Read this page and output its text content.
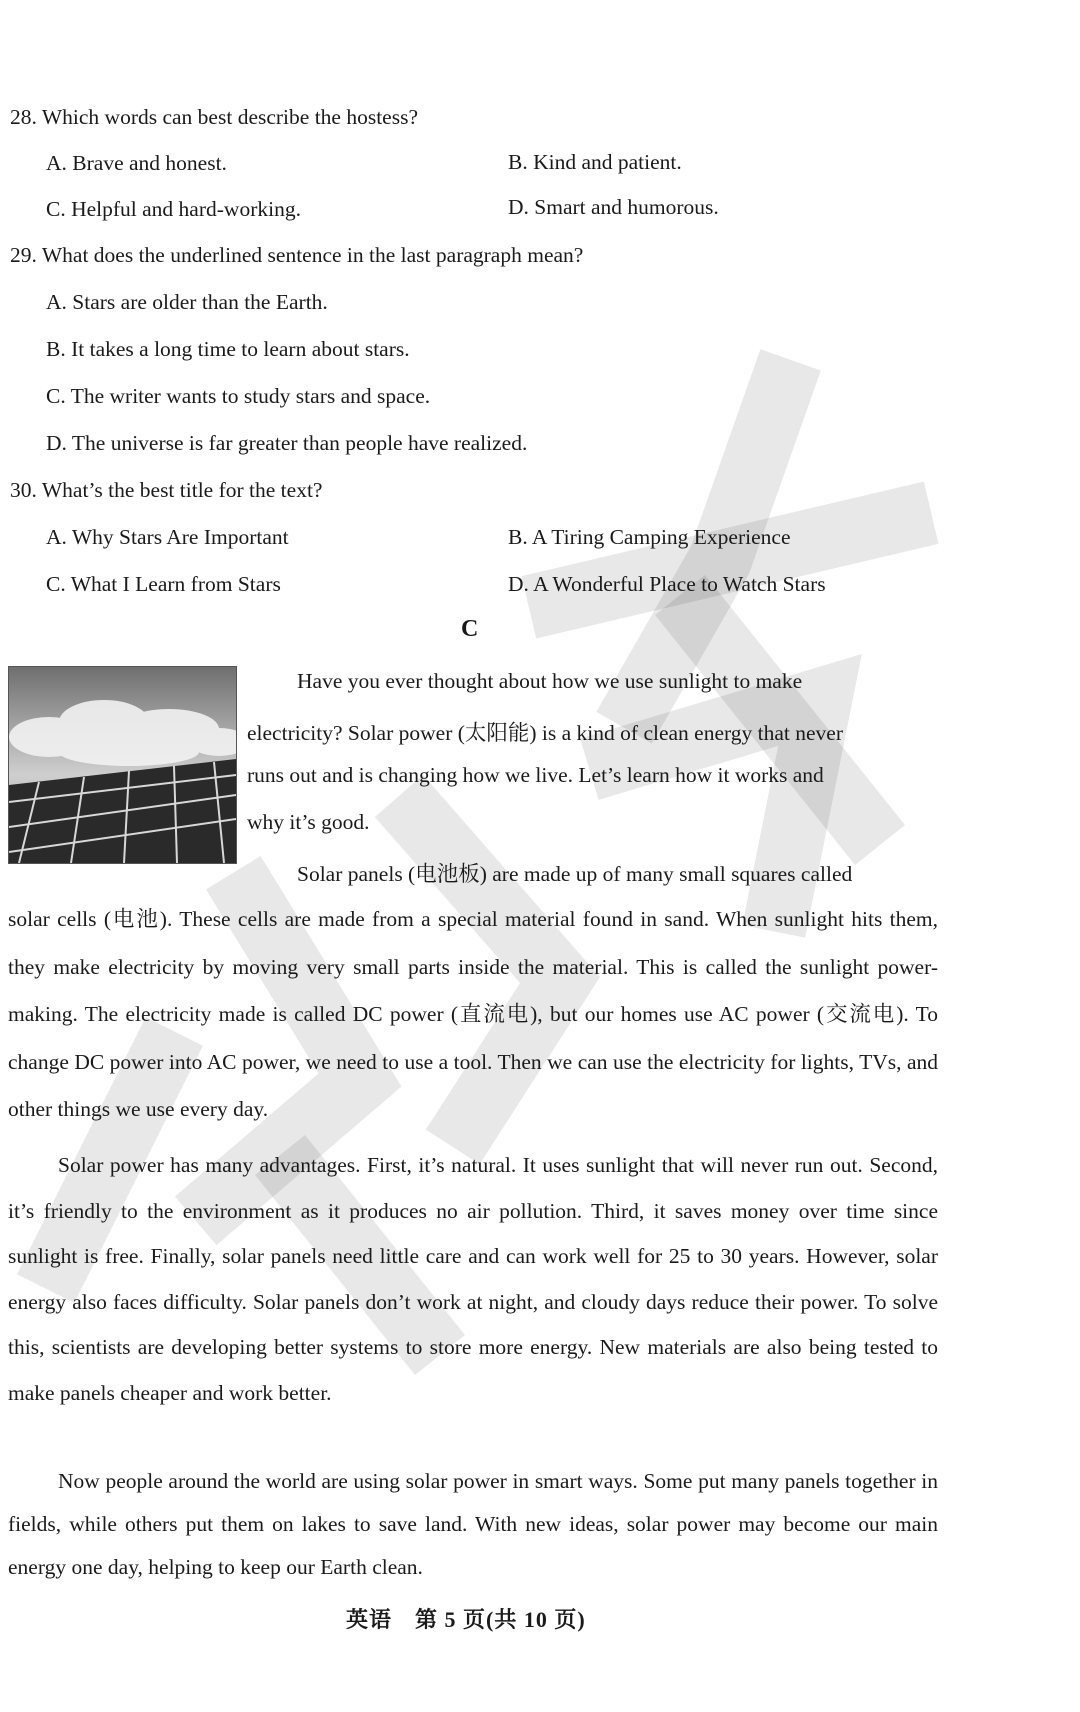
28. Which words can best describe the hostess?
A. Brave and honest.	B. Kind and patient.
C. Helpful and hard-working.	D. Smart and humorous.
29. What does the underlined sentence in the last paragraph mean?
A. Stars are older than the Earth.
B. It takes a long time to learn about stars.
C. The writer wants to study stars and space.
D. The universe is far greater than people have realized.
30. What’s the best title for the text?
A. Why Stars Are Important	B. A Tiring Camping Experience
C. What I Learn from Stars	D. A Wonderful Place to Watch Stars
C
Have you ever thought about how we use sunlight to make
electricity? Solar power (太阳能) is a kind of clean energy that never
runs out and is changing how we live. Let’s learn how it works and
why it’s good.
Solar panels (电池板) are made up of many small squares called
solar cells (电池). These cells are made from a special material found in sand. When sunlight hits them, they make electricity by moving very small parts inside the material. This is called the sunlight power-making. The electricity made is called DC power (直流电), but our homes use AC power (交流电). To change DC power into AC power, we need to use a tool. Then we can use the electricity for lights, TVs, and other things we use every day.
Solar power has many advantages. First, it’s natural. It uses sunlight that will never run out. Second, it’s friendly to the environment as it produces no air pollution. Third, it saves money over time since sunlight is free. Finally, solar panels need little care and can work well for 25 to 30 years. However, solar energy also faces difficulty. Solar panels don’t work at night, and cloudy days reduce their power. To solve this, scientists are developing better systems to store more energy. New materials are also being tested to make panels cheaper and work better.
Now people around the world are using solar power in smart ways. Some put many panels together in fields, while others put them on lakes to save land. With new ideas, solar power may become our main energy one day, helping to keep our Earth clean.
英语　第 5 页(共 10 页)
